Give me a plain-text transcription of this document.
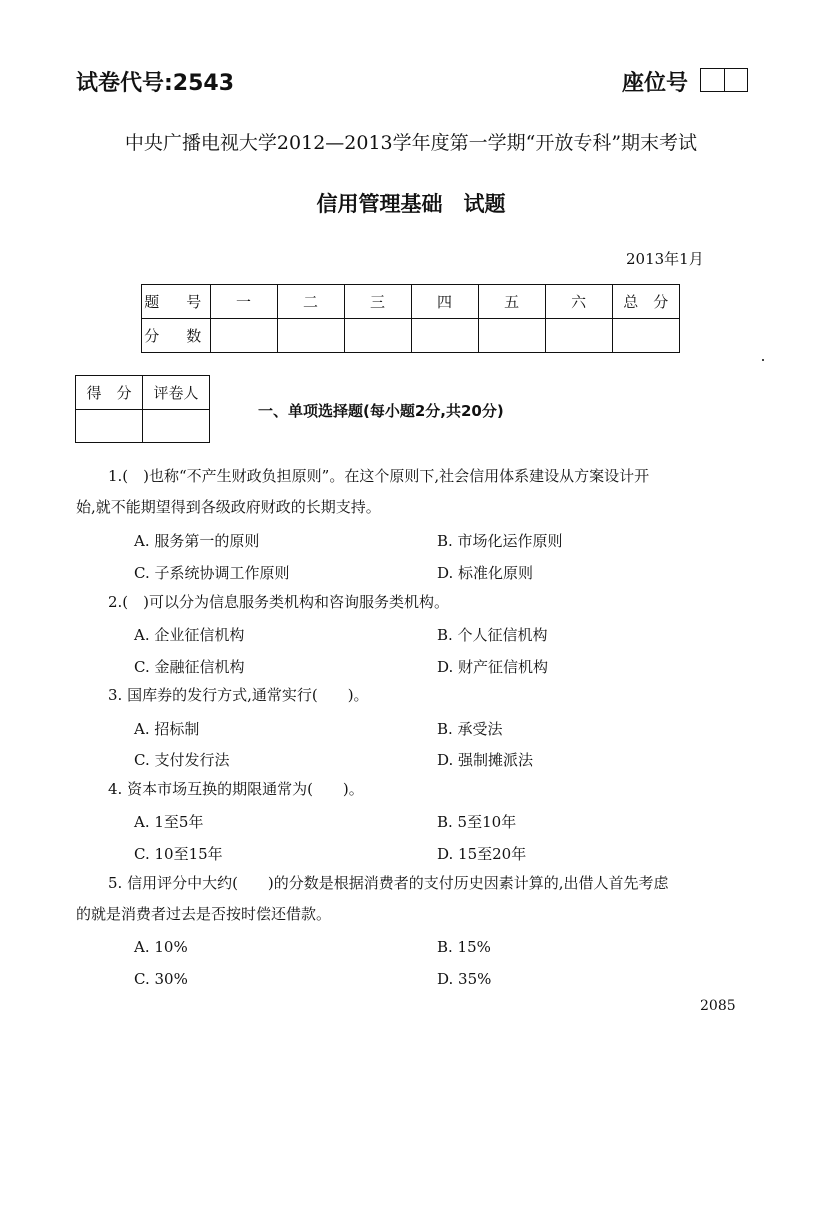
试卷代号:2543	座位号
中央广播电视大学2012—2013学年度第一学期“开放专科”期末考试
信用管理基础　试题
2013年1月
题　号	一	二	三	四	五	六	总　分
分　数							
得　分	评卷人

一、单项选择题(每小题2分,共20分)
1.(　)也称“不产生财政负担原则”。在这个原则下,社会信用体系建设从方案设计开
始,就不能期望得到各级政府财政的长期支持。
A. 服务第一的原则	B. 市场化运作原则
C. 子系统协调工作原则	D. 标准化原则
2.(　)可以分为信息服务类机构和咨询服务类机构。
A. 企业征信机构	B. 个人征信机构
C. 金融征信机构	D. 财产征信机构
3. 国库券的发行方式,通常实行(　　)。
A. 招标制	B. 承受法
C. 支付发行法	D. 强制摊派法
4. 资本市场互换的期限通常为(　　)。
A. 1至5年	B. 5至10年
C. 10至15年	D. 15至20年
5. 信用评分中大约(　　)的分数是根据消费者的支付历史因素计算的,出借人首先考虑
的就是消费者过去是否按时偿还借款。
A. 10%	B. 15%
C. 30%	D. 35%
2085
